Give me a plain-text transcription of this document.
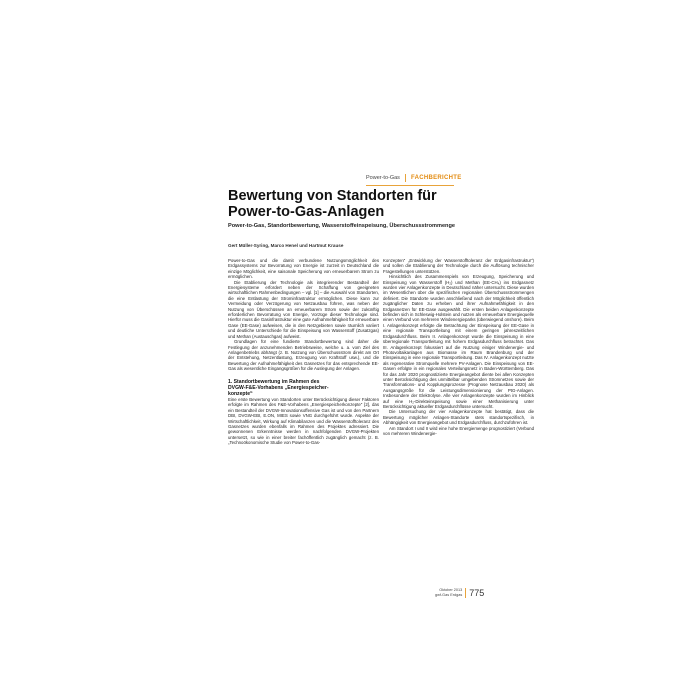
Power-to-Gas FACHBERICHTE
Bewertung von Standorten für
Power-to-Gas-Anlagen
Power-to-Gas, Standortbewertung, Wasserstoffeinspeisung, Überschussstrommenge
Gert Müller-Syring, Marco Henel und Hartmut Krause

Power-to-Gas und die damit verbundene Nutzungsmöglichkeit des Erdgassystems zur Bevorratung von Energie ist zurzeit in Deutschland die einzige Möglichkeit, eine saisonale Speicherung von erneuerbarem Strom zu ermöglichen.

Die Etablierung der Technologie als integrierender Bestandteil der Energiesysteme erfordert neben der Schaffung von geeigneten wirtschaftlichen Rahmenbedingungen – vgl. [1] – die Auswahl von Standorten, die eine Entlastung der Strominfrastruktur ermöglichen. Diese kann zur Vermeidung oder Verzögerung von Netzausbau führen, was neben der Nutzung von Überschüssen an erneuerbarem Strom sowie der zukünftig erforderlichen Bevorratung von Energie, Vorzüge dieser Technologie sind. Hierfür muss die Gasinfrastruktur eine gute Aufnahmefähigkeit für erneuerbare Gase (EE-Gase) aufweisen, die in den Netzgebieten sowie räumlich variiert und deutliche Unterschiede für die Einspeisung von Wasserstoff (Zusatzgas) und Methan (Austauschgas) aufweist.

Grundlagen für eine fundierte Standortbewertung sind daher die Festlegung der anzunehmenden Betriebsweise, welche u. a. vom Ziel des Anlagenbetriebs abhängt (z. B. Nutzung von Überschussstrom direkt am Ort der Entstehung, Netzentlastung, Erzeugung von Kraftstoff usw.), und die Bewertung der Aufnahmefähigkeit des Gasnetzes für das entsprechende EE-Gas als wesentliche Eingangsgrößen für die Auslegung der Anlagen.

1. Standortbewertung im Rahmen des
DVGW-F&E-Vorhabens „Energiespeicher-
konzepte“

Eine erste Bewertung von Standorten unter Berücksichtigung dieser Faktoren erfolgte im Rahmen des F&E-Vorhabens „Energiespeicherkonzepte“ [2], das ein Bestandteil der DVGW-Innovationsoffensive Gas ist und von den Partnern DBI, DVGW-EBI, E.ON, MIES sowie VNG durchgeführt wurde. Aspekte der Wirtschaftlichkeit, Wirkung auf Klimabilanzen und die Wasserstofftoleranz des Gasnetzes wurden ebenfalls im Rahmen des Projektes adressiert. Die gewonnenen Erkenntnisse werden in nachfolgenden DVGW-Projekten untersetzt, so wie in einer breiter fachöffentlich zugänglich gemacht (z. B. „Technoökonomische Studie von Power-to-Gas-

Konzepten“ „Entwicklung der Wasserstofftoleranz der Erdgasinfrastruktur“) und sollen die Etablierung der Technologie durch die Auflösung technischer Fragestellungen unterstützen.

Hinsichtlich des Zusammenspiels von Erzeugung, Speicherung und Einspeisung von Wasserstoff (H₂) und Methan (EE-CH₄) ins Erdgasnetz wurden vier Anlagenkonzepte in Deutschland näher untersucht. Diese wurden im Wesentlichen über die spezifischen regionalen Überschussstrommengen definiert. Die Standorte wurden anschließend nach der Möglichkeit öffentlich zugänglicher Daten zu erheben und ihrer Aufnahmefähigkeit in den Erdgasnetzen für EE-Gase ausgewählt. Die ersten beiden Anlagenkonzepte befinden sich in Schleswig-Holstein und nutzen als erneuerbare Energiequelle einen Verbund von mehreren Windenergieparks (überwiegend onshore). Beim I. Anlagenkonzept erfolgte die Betrachtung der Einspeisung der EE-Gase in eine regionale Transportleitung mit einem geringen jahreszeitlichen Erdgasdurchfluss. Beim II. Anlagenkonzept wurde die Einspeisung in eine überregionale Transportleitung mit hohem Erdgasdurchfluss betrachtet. Das III. Anlagenkonzept fokussiert auf die Nutzung einiger Windenergie- und Photovoltaikanlagen aus Biomasse im Raum Brandenburg und der Einspeisung in eine regionale Transportleitung. Das IV. Anlagenkonzept nutzte als regenerative Stromquelle mehrere PV-Anlagen. Die Einspeisung von EE-Gasen erfolgte in ein regionales Verteilungsnetz in Baden-Württemberg. Das für das Jahr 2020 prognostizierte Energieangebot diente bei allen Konzepten unter Berücksichtigung des unmittelbar umgebenden Stromnetzes sowie der Transformations- und Kopplungsprozesse (Prognose Netzausbau 2020) als Ausgangsgröße für die Leistungsdimensionierung der PtG-Anlagen. Insbesondere der Elektrolyse. Alle vier Anlagenkonzepte wurden im Hinblick auf eine H₂-Direkteinspeisung sowie einer Methanisierung unter Berücksichtigung aktueller Erdgasdurchflüsse untersucht.

Die Untersuchung der vier Anlagenkonzepte hat bestätigt, dass die Bewertung möglicher Anlagen-Standorte stets standortspezifisch, in Abhängigkeit von Energieangebot und Erdgasdurchfluss, durchzuführen ist.

Am Standort I und II wird eine hohe Energiemenge prognostiziert (Verbund von mehreren Windenergie-

Oktober 2013
gwf-Gas Erdgas 775
